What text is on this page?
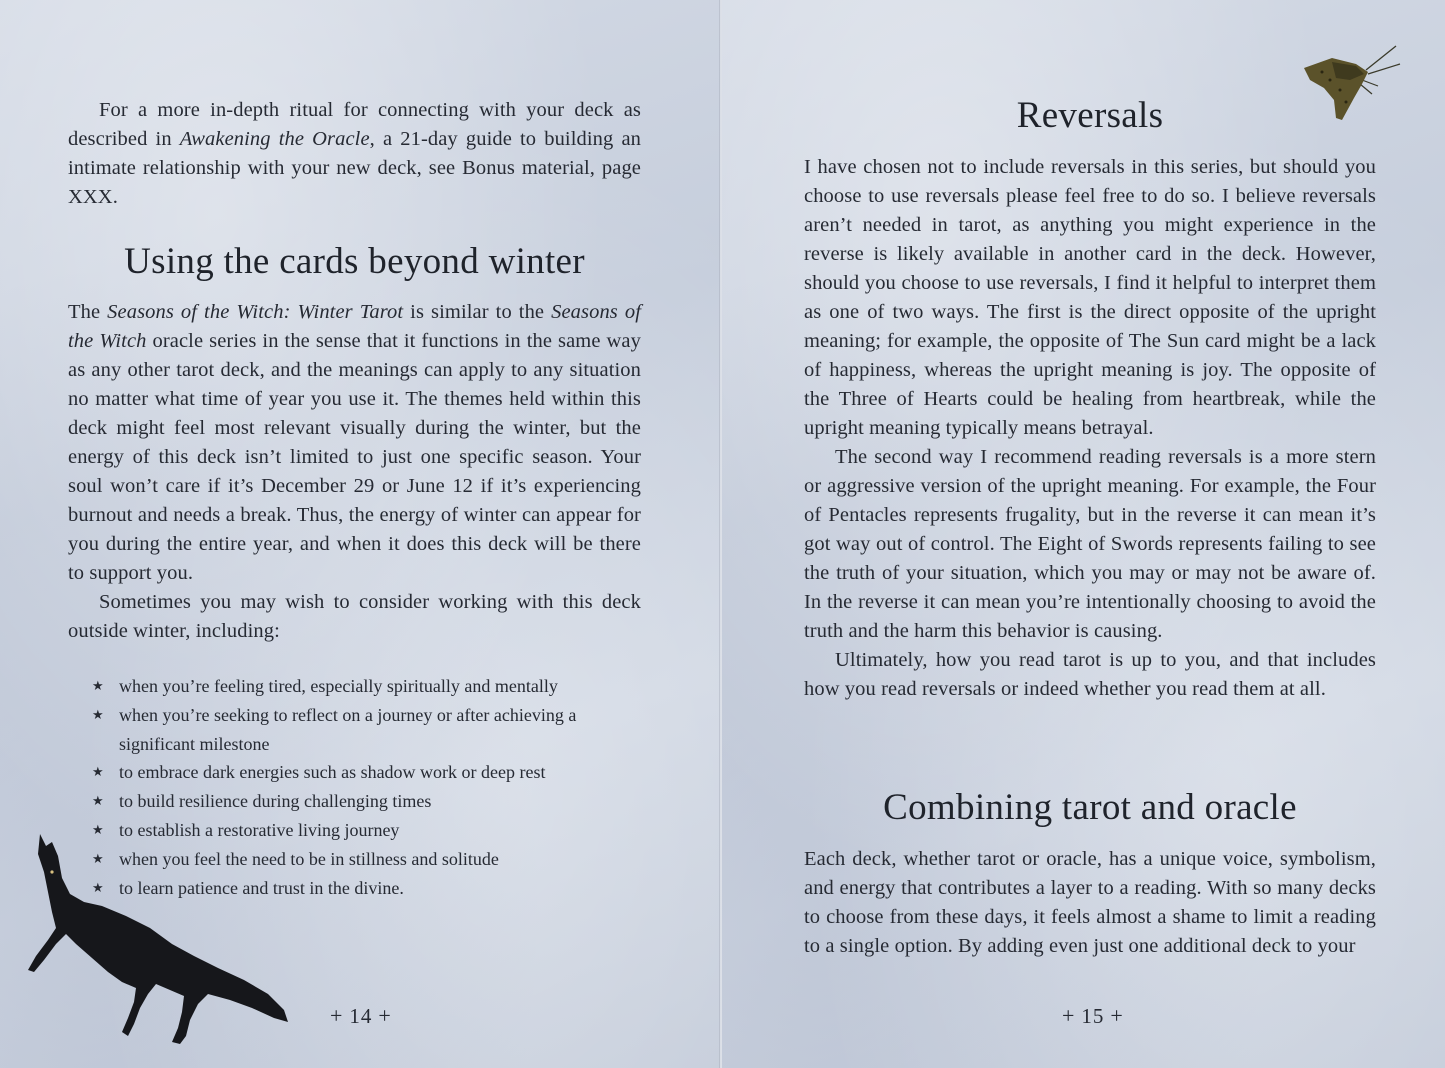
For a more in-depth ritual for connecting with your deck as described in Awakening the Oracle, a 21-day guide to building an intimate relationship with your new deck, see Bonus material, page XXX.

Using the cards beyond winter

The Seasons of the Witch: Winter Tarot is similar to the Seasons of the Witch oracle series in the sense that it functions in the same way as any other tarot deck, and the meanings can apply to any situation no matter what time of year you use it. The themes held within this deck might feel most relevant visually during the winter, but the energy of this deck isn’t limited to just one specific season. Your soul won’t care if it’s December 29 or June 12 if it’s experiencing burnout and needs a break. Thus, the energy of winter can appear for you during the entire year, and when it does this deck will be there to support you.

Sometimes you may wish to consider working with this deck outside winter, including:

★ when you’re feeling tired, especially spiritually and mentally
★ when you’re seeking to reflect on a journey or after achieving a significant milestone
★ to embrace dark energies such as shadow work or deep rest
★ to build resilience during challenging times
★ to establish a restorative living journey
★ when you feel the need to be in stillness and solitude
★ to learn patience and trust in the divine.
+ 14 +
Reversals

I have chosen not to include reversals in this series, but should you choose to use reversals please feel free to do so. I believe reversals aren’t needed in tarot, as anything you might experience in the reverse is likely available in another card in the deck. However, should you choose to use reversals, I find it helpful to interpret them as one of two ways. The first is the direct opposite of the upright meaning; for example, the opposite of The Sun card might be a lack of happiness, whereas the upright meaning is joy. The opposite of the Three of Hearts could be healing from heartbreak, while the upright meaning typically means betrayal.

The second way I recommend reading reversals is a more stern or aggressive version of the upright meaning. For example, the Four of Pentacles represents frugality, but in the reverse it can mean it’s got way out of control. The Eight of Swords represents failing to see the truth of your situation, which you may or may not be aware of. In the reverse it can mean you’re intentionally choosing to avoid the truth and the harm this behavior is causing.

Ultimately, how you read tarot is up to you, and that includes how you read reversals or indeed whether you read them at all.

Combining tarot and oracle

Each deck, whether tarot or oracle, has a unique voice, symbolism, and energy that contributes a layer to a reading. With so many decks to choose from these days, it feels almost a shame to limit a reading to a single option. By adding even just one additional deck to your

+ 15 +
